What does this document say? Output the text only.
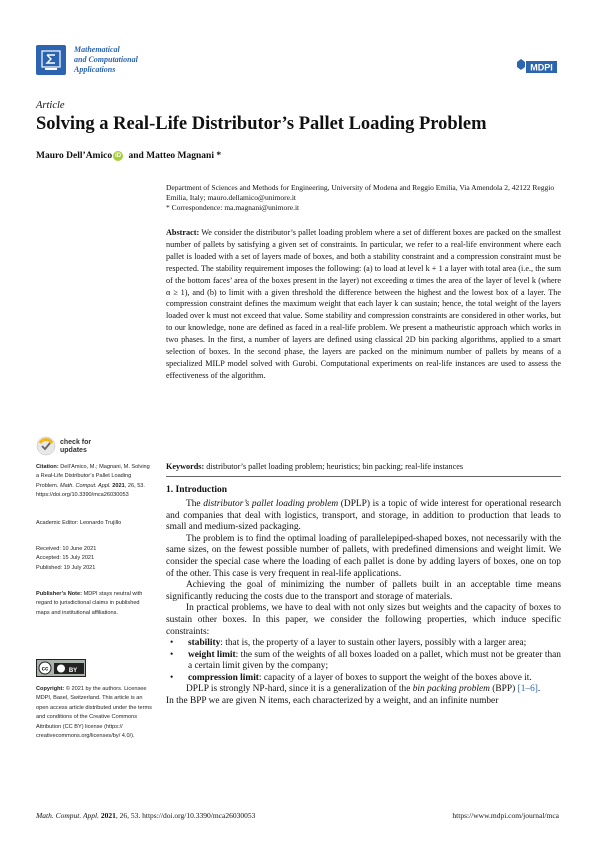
Mathematical
and Computational
Applications	MDPI
Article
Solving a Real-Life Distributor’s Pallet Loading Problem
Mauro Dell’Amico iD and Matteo Magnani *
Department of Sciences and Methods for Engineering, University of Modena and Reggio Emilia, Via Amendola 2, 42122 Reggio Emilia, Italy; mauro.dellamico@unimore.it
* Correspondence: ma.magnani@unimore.it
Abstract: We consider the distributor’s pallet loading problem where a set of different boxes are packed on the smallest number of pallets by satisfying a given set of constraints. In particular, we refer to a real-life environment where each pallet is loaded with a set of layers made of boxes, and both a stability constraint and a compression constraint must be respected. The stability requirement imposes the following: (a) to load at level k + 1 a layer with total area (i.e., the sum of the bottom faces’ area of the boxes present in the layer) not exceeding α times the area of the layer of level k (where α ≥ 1), and (b) to limit with a given threshold the difference between the highest and the lowest box of a layer. The compression constraint defines the maximum weight that each layer k can sustain; hence, the total weight of the layers loaded over k must not exceed that value. Some stability and compression constraints are considered in other works, but to our knowledge, none are defined as faced in a real-life problem. We present a matheuristic approach which works in two phases. In the first, a number of layers are defined using classical 2D bin packing algorithms, applied to a smart selection of boxes. In the second phase, the layers are packed on the minimum number of pallets by means of a specialized MILP model solved with Gurobi. Computational experiments on real-life instances are used to assess the effectiveness of the algorithm.
check for
updates
Keywords: distributor’s pallet loading problem; heuristics; bin packing; real-life instances
Citation: Dell’Amico, M.; Magnani, M. Solving a Real-Life Distributor’s Pallet Loading Problem. Math. Comput. Appl. 2021, 26, 53. https://doi.org/10.3390/mca26030053
Academic Editor: Leonardo Trujillo
Received: 10 June 2021
Accepted: 15 July 2021
Published: 19 July 2021
Publisher’s Note: MDPI stays neutral with regard to jurisdictional claims in published maps and institutional affiliations.
cc	BY
Copyright: © 2021 by the authors. Licensee MDPI, Basel, Switzerland. This article is an open access article distributed under the terms and conditions of the Creative Commons Attribution (CC BY) license (https:// creativecommons.org/licenses/by/ 4.0/).
1. Introduction

The distributor’s pallet loading problem (DPLP) is a topic of wide interest for operational research and companies that deal with logistics, transport, and storage, in addition to production that leads to small and medium-sized packaging.

The problem is to find the optimal loading of parallelepiped-shaped boxes, not necessarily with the same sizes, on the fewest possible number of pallets, with predefined dimensions and weight limit. We consider the special case where the loading of each pallet is done by adding layers of boxes, one on top of the other. This case is very frequent in real-life applications.

Achieving the goal of minimizing the number of pallets built in an acceptable time means significantly reducing the costs due to the transport and storage of materials.

In practical problems, we have to deal with not only sizes but weights and the capacity of boxes to sustain other boxes. In this paper, we consider the following properties, which induce specific constraints:

• stability: that is, the property of a layer to sustain other layers, possibly with a larger area;
• weight limit: the sum of the weights of all boxes loaded on a pallet, which must not be greater than a certain limit given by the company;
• compression limit: capacity of a layer of boxes to support the weight of the boxes above it.

DPLP is strongly NP-hard, since it is a generalization of the bin packing problem (BPP) [1–6].

In the BPP we are given N items, each characterized by a weight, and an infinite number

Math. Comput. Appl. 2021, 26, 53. https://doi.org/10.3390/mca26030053	https://www.mdpi.com/journal/mca
